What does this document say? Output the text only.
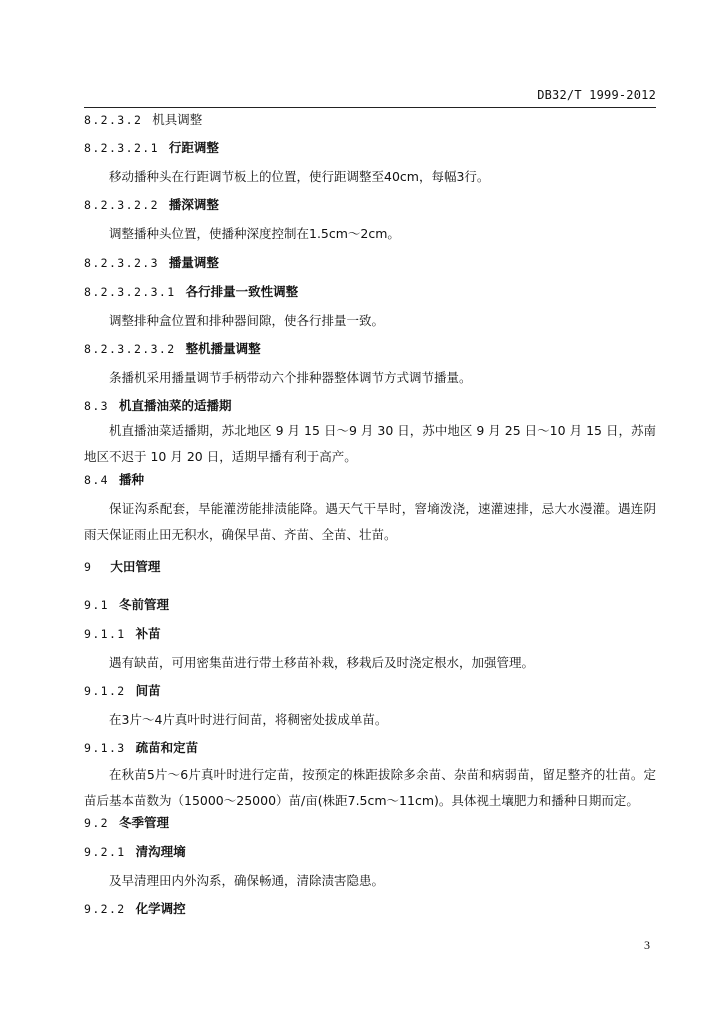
DB32/T 1999-2012
8.2.3.2 机具调整
8.2.3.2.1 行距调整
移动播种头在行距调节板上的位置，使行距调整至40cm，每幅3行。
8.2.3.2.2 播深调整
调整播种头位置，使播种深度控制在1.5cm～2cm。
8.2.3.2.3 播量调整
8.2.3.2.3.1 各行排量一致性调整
调整排种盒位置和排种器间隙，使各行排量一致。
8.2.3.2.3.2 整机播量调整
条播机采用播量调节手柄带动六个排种器整体调节方式调节播量。
8.3 机直播油菜的适播期
机直播油菜适播期，苏北地区 9 月 15 日～9 月 30 日，苏中地区 9 月 25 日～10 月 15 日，苏南地区不迟于 10 月 20 日，适期早播有利于高产。
8.4 播种
保证沟系配套，旱能灌涝能排渍能降。遇天气干旱时，窨墒泼浇，速灌速排，忌大水漫灌。遇连阴雨天保证雨止田无积水，确保早苗、齐苗、全苗、壮苗。
9 大田管理
9.1 冬前管理
9.1.1 补苗
遇有缺苗，可用密集苗进行带土移苗补栽，移栽后及时浇定根水，加强管理。
9.1.2 间苗
在3片～4片真叶时进行间苗，将稠密处拔成单苗。
9.1.3 疏苗和定苗
在秋苗5片～6片真叶时进行定苗，按预定的株距拔除多余苗、杂苗和病弱苗，留足整齐的壮苗。定苗后基本苗数为（15000～25000）苗/亩(株距7.5cm～11cm)。具体视土壤肥力和播种日期而定。
9.2 冬季管理
9.2.1 清沟理墒
及早清理田内外沟系，确保畅通，清除渍害隐患。
9.2.2 化学调控
3
